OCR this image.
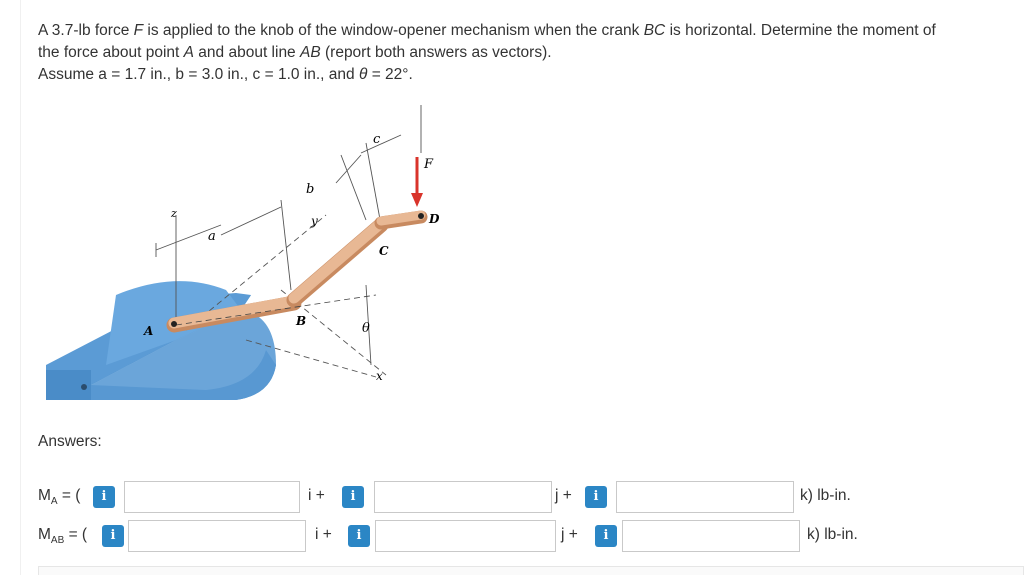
A 3.7-lb force F is applied to the knob of the window-opener mechanism when the crank BC is horizontal. Determine the moment of

the force about point A and about line AB (report both answers as vectors).

Assume a = 1.7 in., b = 3.0 in., c = 1.0 in., and θ = 22°.

z
a
b
y
c
F
D
C
A
B	θ
x
Answers:
$M_A$ = (	i	i +	i	j +	i	k) lb-in.
$M_{AB}$ = (	i	i +	i	j +	i	k) lb-in.
